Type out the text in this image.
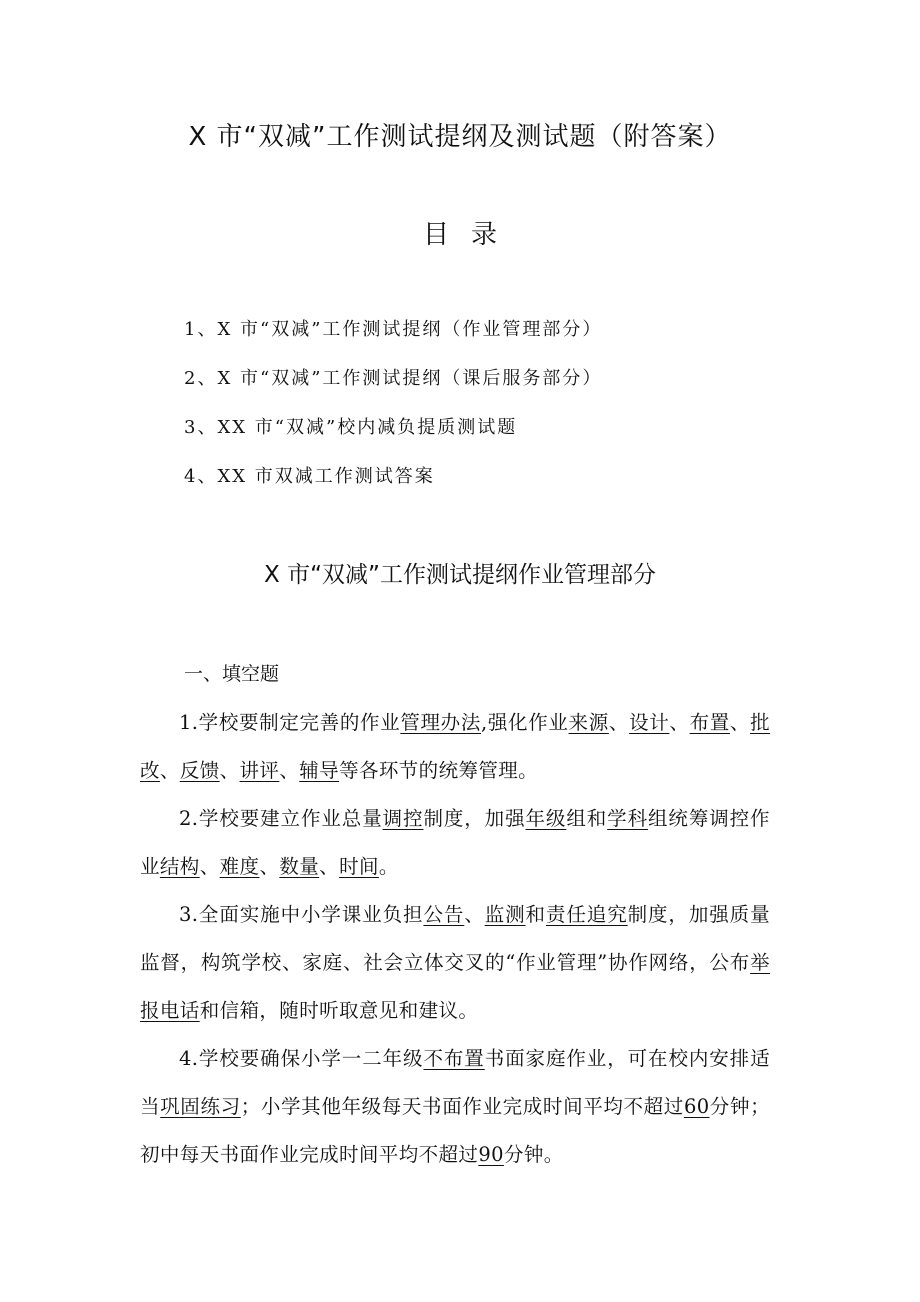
X 市“双减”工作测试提纲及测试题（附答案）
目录
1、X 市“双减”工作测试提纲（作业管理部分）
2、X 市“双减”工作测试提纲（课后服务部分）
3、XX 市“双减”校内减负提质测试题
4、XX 市双减工作测试答案
X 市“双减”工作测试提纲作业管理部分
一、填空题

1.学校要制定完善的作业管理办法,强化作业来源、设计、布置、批改、反馈、讲评、辅导等各环节的统筹管理。

2.学校要建立作业总量调控制度，加强年级组和学科组统筹调控作业结构、难度、数量、时间。

3.全面实施中小学课业负担公告、监测和责任追究制度，加强质量监督，构筑学校、家庭、社会立体交叉的“作业管理”协作网络，公布举报电话和信箱，随时听取意见和建议。

4.学校要确保小学一二年级不布置书面家庭作业，可在校内安排适当巩固练习；小学其他年级每天书面作业完成时间平均不超过60分钟；初中每天书面作业完成时间平均不超过90分钟。
